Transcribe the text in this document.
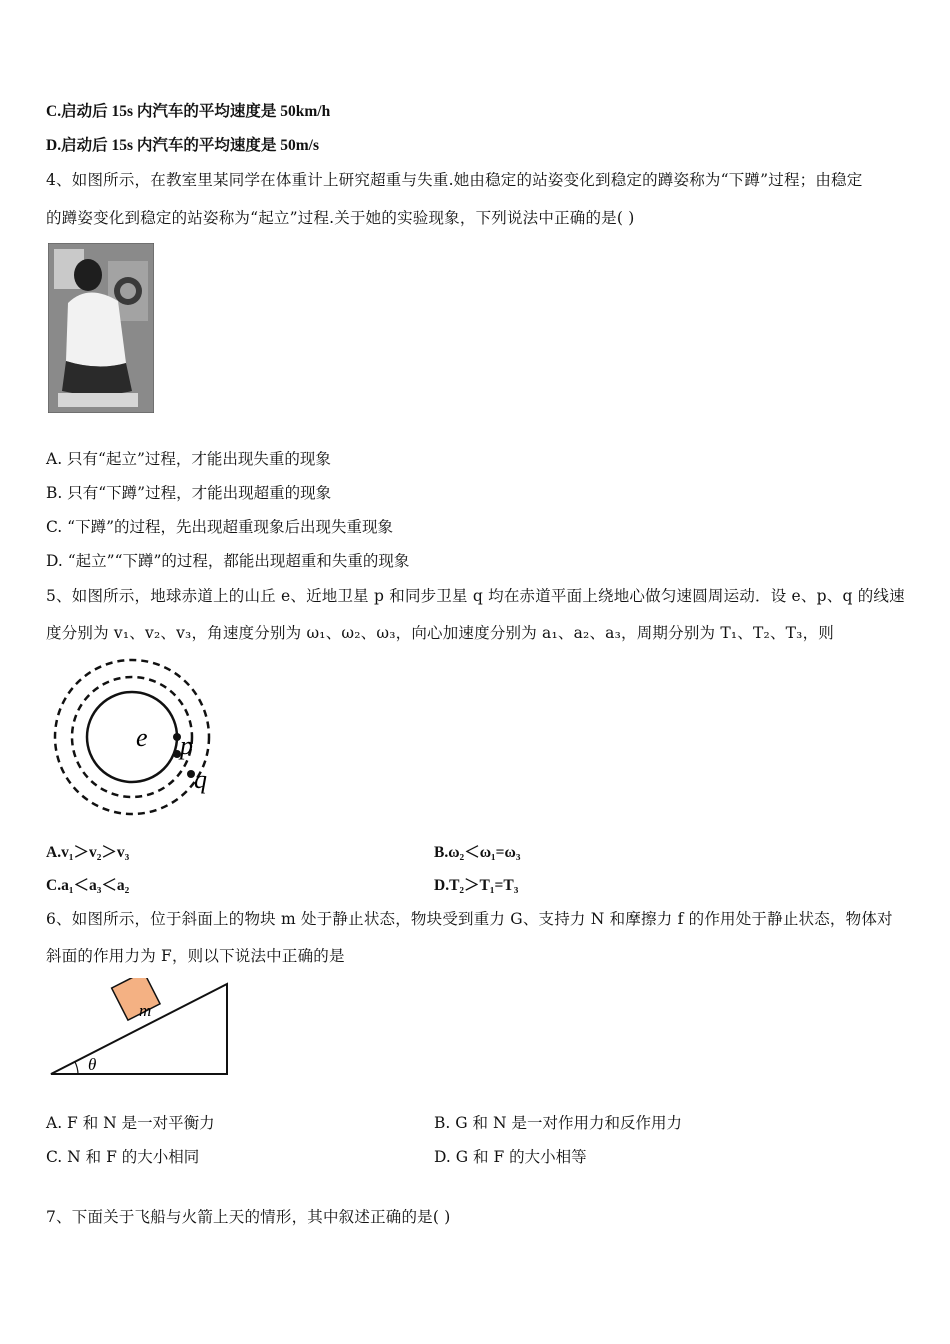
C.启动后 15s 内汽车的平均速度是 50km/h
D.启动后 15s 内汽车的平均速度是 50m/s
4、如图所示，在教室里某同学在体重计上研究超重与失重.她由稳定的站姿变化到稳定的蹲姿称为“下蹲”过程；由稳定
的蹲姿变化到稳定的站姿称为“起立”过程.关于她的实验现象，下列说法中正确的是( )
A. 只有“起立”过程，才能出现失重的现象
B. 只有“下蹲”过程，才能出现超重的现象
C. “下蹲”的过程，先出现超重现象后出现失重现象
D. “起立”“下蹲”的过程，都能出现超重和失重的现象
5、如图所示，地球赤道上的山丘 e、近地卫星 p 和同步卫星 q 均在赤道平面上绕地心做匀速圆周运动．设 e、p、q 的线速
度分别为 v₁、v₂、v₃，角速度分别为 ω₁、ω₂、ω₃，向心加速度分别为 a₁、a₂、a₃，周期分别为 T₁、T₂、T₃，则
e p
q
A.v₁＞v₂＞v₃	B.ω₂＜ω₁=ω₃
C.a₁＜a₃＜a₂	D.T₂＞T₁=T₃
6、如图所示，位于斜面上的物块 m 处于静止状态，物块受到重力 G、支持力 N 和摩擦力 f 的作用处于静止状态，物体对
斜面的作用力为 F，则以下说法中正确的是
m
θ
A. F 和 N 是一对平衡力	B. G 和 N 是一对作用力和反作用力
C. N 和 F 的大小相同	D. G 和 F 的大小相等
7、下面关于飞船与火箭上天的情形，其中叙述正确的是( )
